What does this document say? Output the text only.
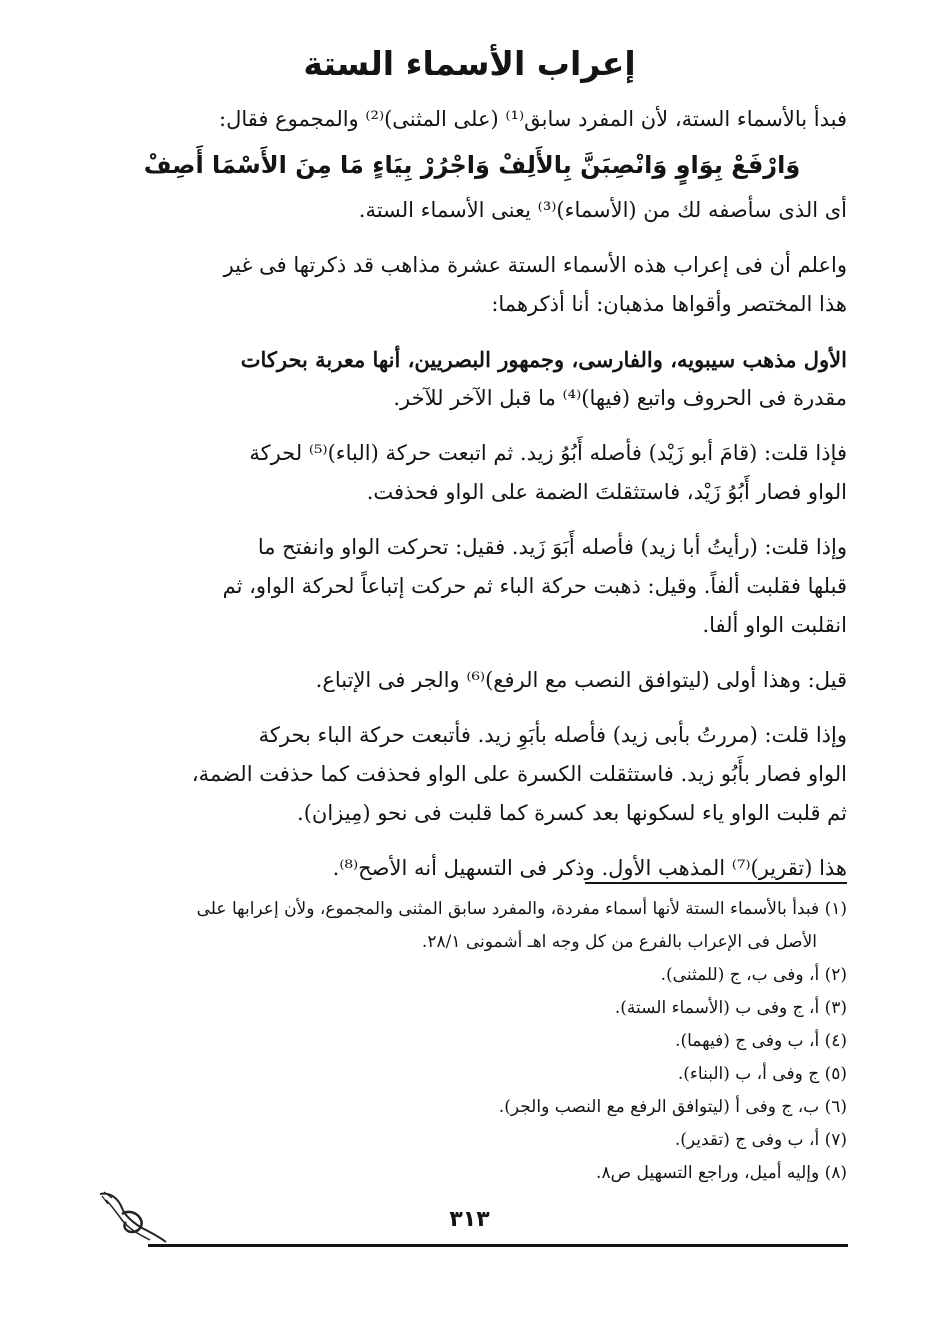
إعراب الأسماء الستة

فبدأ بالأسماء الستة، لأن المفرد سابق⁽¹⁾ (على المثنى)⁽²⁾ والمجموع فقال:
وَارْفَعْ بِوَاوٍ وَانْصِبَنَّ بِالأَلِفْ وَاجْرُرْ بِيَاءٍ مَا مِنَ الأَسْمَا أَصِفْ
أى الذى سأصفه لك من (الأسماء)⁽³⁾ يعنى الأسماء الستة.

واعلم أن فى إعراب هذه الأسماء الستة عشرة مذاهب قد ذكرتها فى غير
هذا المختصر وأقواها مذهبان: أنا أذكرهما:

الأول مذهب سيبويه، والفارسى، وجمهور البصريين، أنها معربة بحركات
مقدرة فى الحروف واتبع (فيها)⁽⁴⁾ ما قبل الآخر للآخر.

فإذا قلت: (قامَ أبو زَيْد) فأصله أَبُوُ زيد. ثم اتبعت حركة (الباء)⁽⁵⁾ لحركة
الواو فصار أَبُوُ زَيْد، فاستثقلتَ الضمة على الواو فحذفت.

وإذا قلت: (رأيتُ أبا زيد) فأصله أَبَوَ زَيد. فقيل: تحركت الواو وانفتح ما
قبلها فقلبت ألفاً. وقيل: ذهبت حركة الباء ثم حركت إتباعاً لحركة الواو، ثم
انقلبت الواو ألفا.

قيل: وهذا أولى (ليتوافق النصب مع الرفع)⁽⁶⁾ والجر فى الإتباع.

وإذا قلت: (مررتُ بأبى زيد) فأصله بأبَوِ زيد. فأتبعت حركة الباء بحركة
الواو فصار بأَبُو زيد. فاستثقلت الكسرة على الواو فحذفت كما حذفت الضمة،
ثم قلبت الواو ياء لسكونها بعد كسرة كما قلبت فى نحو (مِيزان).

هذا (تقرير)⁽⁷⁾ المذهب الأول. وذكر فى التسهيل أنه الأصح⁽⁸⁾.

(١) فبدأ بالأسماء الستة لأنها أسماء مفردة، والمفرد سابق المثنى والمجموع، ولأن إعرابها على
الأصل فى الإعراب بالفرع من كل وجه اهـ أشمونى ٢٨/١.
(٢) أ، وفى ب، ج (للمثنى).
(٣) أ، ج وفى ب (الأسماء الستة).
(٤) أ، ب وفى ج (فيهما).
(٥) ج وفى أ، ب (البناء).
(٦) ب، ج وفى أ (ليتوافق الرفع مع النصب والجر).
(٧) أ، ب وفى ج (تقدير).
(٨) وإليه أميل، وراجع التسهيل ص٨.
٣١٣
